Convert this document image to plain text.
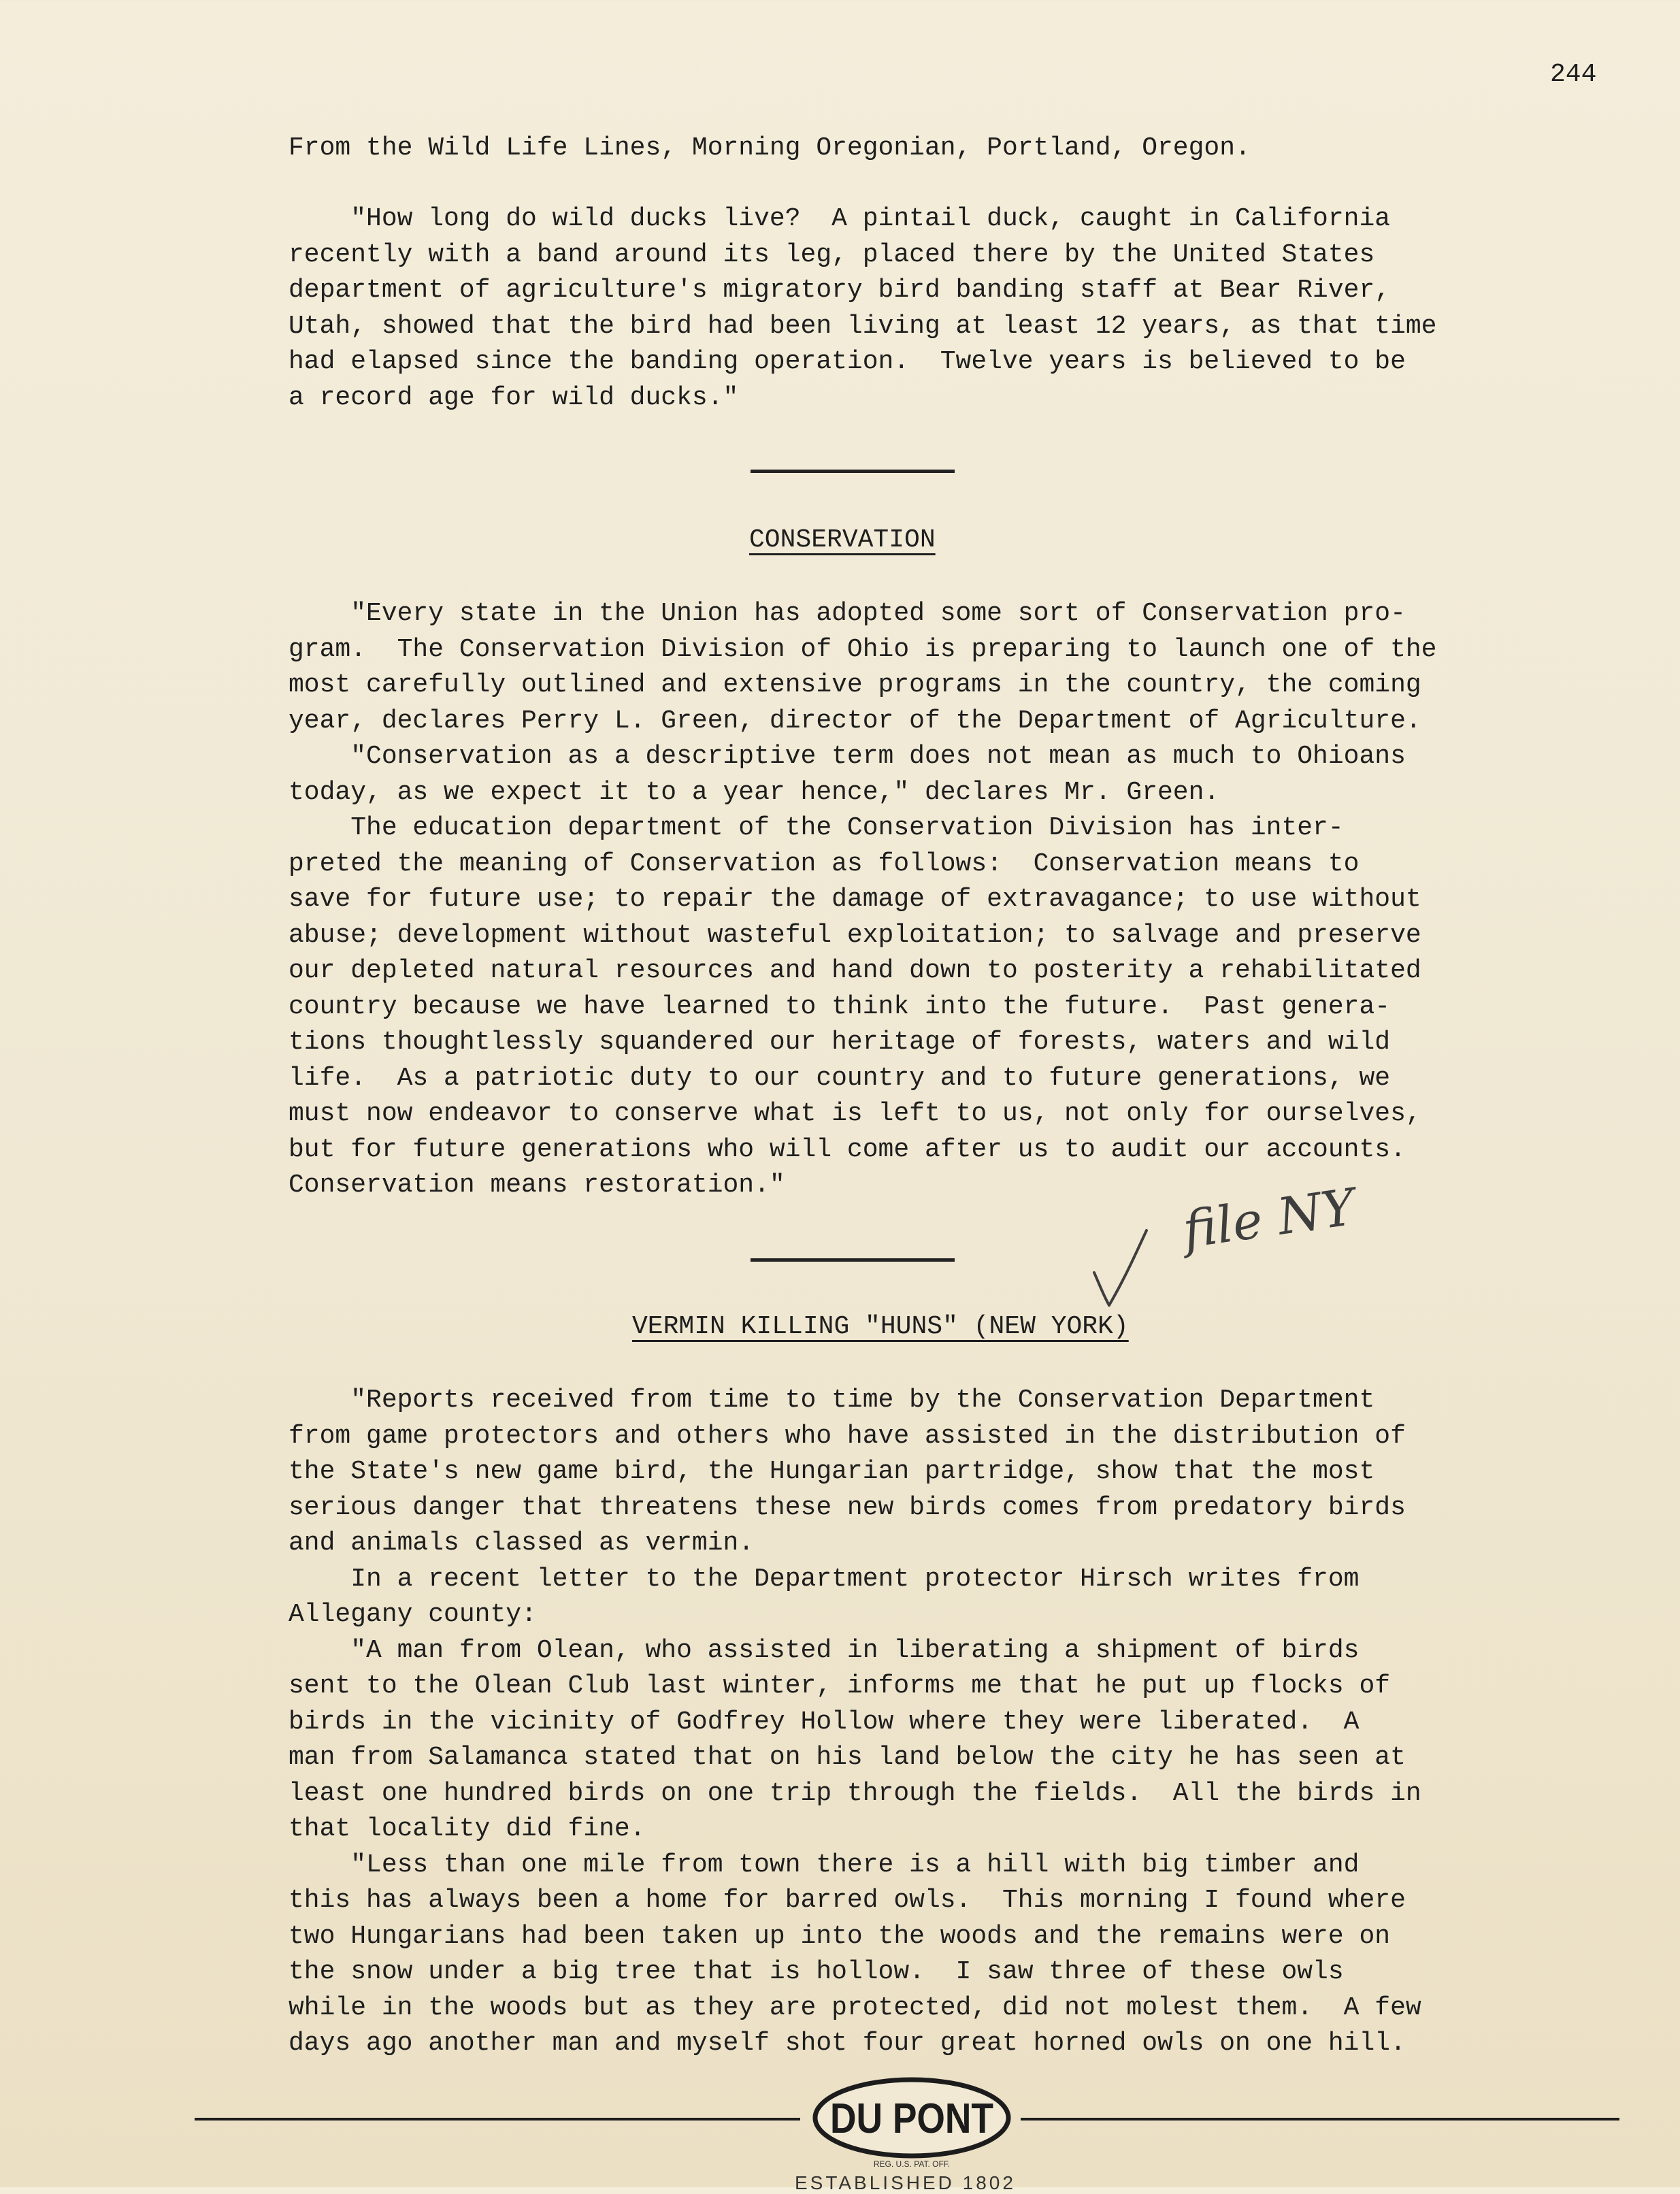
244

From the Wild Life Lines, Morning Oregonian, Portland, Oregon.

"How long do wild ducks live?  A pintail duck, caught in California
recently with a band around its leg, placed there by the United States
department of agriculture's migratory bird banding staff at Bear River,
Utah, showed that the bird had been living at least 12 years, as that time
had elapsed since the banding operation.  Twelve years is believed to be
a record age for wild ducks."
CONSERVATION
"Every state in the Union has adopted some sort of Conservation pro-
gram.  The Conservation Division of Ohio is preparing to launch one of the
most carefully outlined and extensive programs in the country, the coming
year, declares Perry L. Green, director of the Department of Agriculture.
"Conservation as a descriptive term does not mean as much to Ohioans
today, as we expect it to a year hence," declares Mr. Green.
The education department of the Conservation Division has inter-
preted the meaning of Conservation as follows:  Conservation means to
save for future use; to repair the damage of extravagance; to use without
abuse; development without wasteful exploitation; to salvage and preserve
our depleted natural resources and hand down to posterity a rehabilitated
country because we have learned to think into the future.  Past genera-
tions thoughtlessly squandered our heritage of forests, waters and wild
life.  As a patriotic duty to our country and to future generations, we
must now endeavor to conserve what is left to us, not only for ourselves,
but for future generations who will come after us to audit our accounts.
Conservation means restoration."	file NY
VERMIN KILLING "HUNS" (NEW YORK)
"Reports received from time to time by the Conservation Department
from game protectors and others who have assisted in the distribution of
the State's new game bird, the Hungarian partridge, show that the most
serious danger that threatens these new birds comes from predatory birds
and animals classed as vermin.
In a recent letter to the Department protector Hirsch writes from
Allegany county:
"A man from Olean, who assisted in liberating a shipment of birds
sent to the Olean Club last winter, informs me that he put up flocks of
birds in the vicinity of Godfrey Hollow where they were liberated.  A
man from Salamanca stated that on his land below the city he has seen at
least one hundred birds on one trip through the fields.  All the birds in
that locality did fine.
"Less than one mile from town there is a hill with big timber and
this has always been a home for barred owls.  This morning I found where
two Hungarians had been taken up into the woods and the remains were on
the snow under a big tree that is hollow.  I saw three of these owls
while in the woods but as they are protected, did not molest them.  A few
days ago another man and myself shot four great horned owls on one hill.
DU PONT
REG. U.S. PAT. OFF.
ESTABLISHED 1802
